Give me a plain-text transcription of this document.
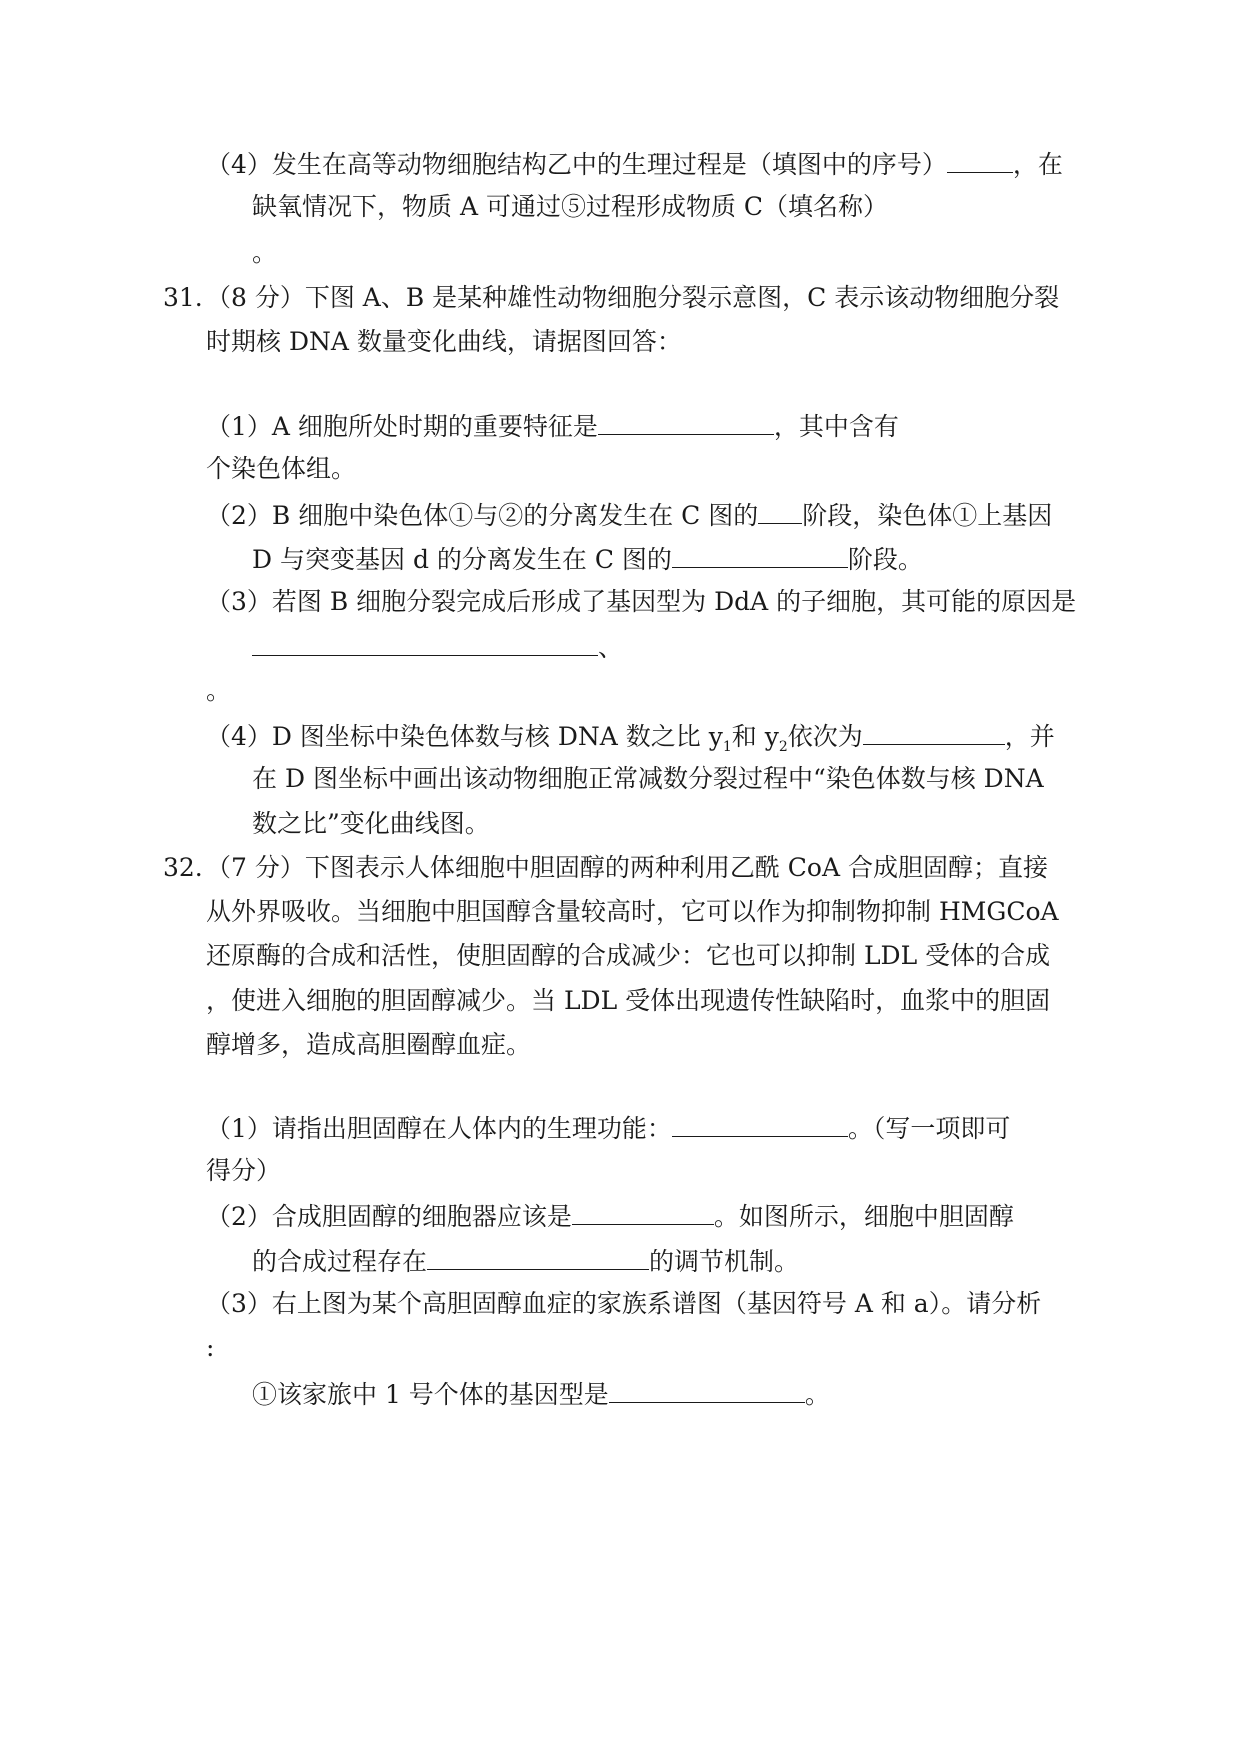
（4）发生在高等动物细胞结构乙中的生理过程是（填图中的序号）	，在
缺氧情况下，物质 A 可通过⑤过程形成物质 C（填名称）
。
31. （8 分）下图 A、B 是某种雄性动物细胞分裂示意图，C 表示该动物细胞分裂
时期核 DNA 数量变化曲线，请据图回答：
（1）A 细胞所处时期的重要特征是	，其中含有
个染色体组。
（2）B 细胞中染色体①与②的分离发生在 C 图的 阶段，染色体①上基因
D 与突变基因 d 的分离发生在 C 图的	阶段。
（3）若图 B 细胞分裂完成后形成了基因型为 DdA 的子细胞，其可能的原因是
、
。
（4）D 图坐标中染色体数与核 DNA 数之比 $y_1$和 $y_2$依次为	，并
在 D 图坐标中画出该动物细胞正常减数分裂过程中“染色体数与核 DNA
数之比”变化曲线图。
32. （7 分）下图表示人体细胞中胆固醇的两种利用乙酰 CoA 合成胆固醇；直接
从外界吸收。当细胞中胆国醇含量较高时，它可以作为抑制物抑制 HMGCoA
还原酶的合成和活性，使胆固醇的合成减少：它也可以抑制 LDL 受体的合成
，使进入细胞的胆固醇减少。当 LDL 受体出现遗传性缺陷时，血浆中的胆固
醇增多，造成高胆圈醇血症。
（1）请指出胆固醇在人体内的生理功能：	。（写一项即可
得分）
（2）合成胆固醇的细胞器应该是	。如图所示，细胞中胆固醇
的合成过程存在	的调节机制。
（3）右上图为某个高胆固醇血症的家族系谱图（基因符号 A 和 a）。请分析
:
①该家旅中 1 号个体的基因型是	。
